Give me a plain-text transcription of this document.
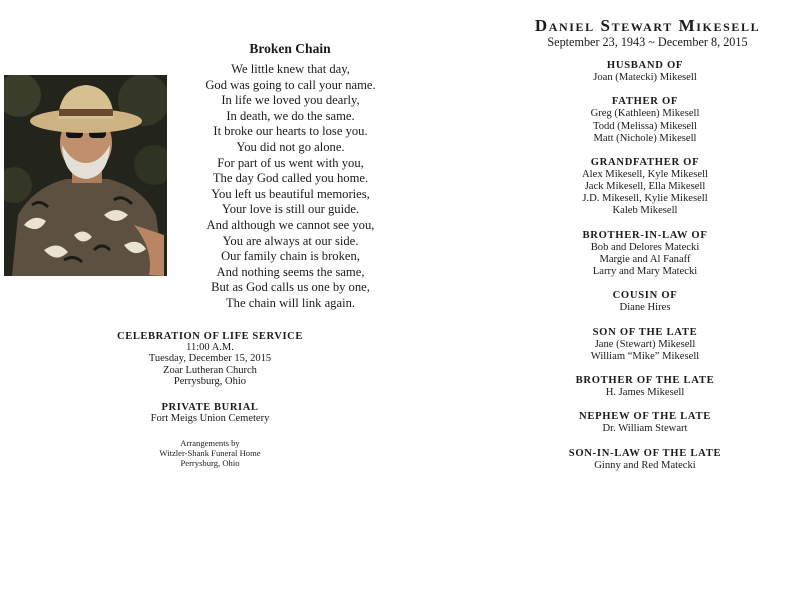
Broken Chain
We little knew that day,
God was going to call your name.
In life we loved you dearly,
In death, we do the same.
It broke our hearts to lose you.
You did not go alone.
For part of us went with you,
The day God called you home.
You left us beautiful memories,
Your love is still our guide.
And although we cannot see you,
You are always at our side.
Our family chain is broken,
And nothing seems the same,
But as God calls us one by one,
The chain will link again.
CELEBRATION OF LIFE SERVICE
11:00 A.M.
Tuesday, December 15, 2015
Zoar Lutheran Church
Perrysburg, Ohio
PRIVATE BURIAL
Fort Meigs Union Cemetery
Arrangements by
Witzler-Shank Funeral Home
Perrysburg, Ohio
Daniel Stewart Mikesell
September 23, 1943 ~ December 8, 2015
HUSBAND OF
Joan (Matecki) Mikesell
FATHER OF
Greg (Kathleen) Mikesell
Todd (Melissa) Mikesell
Matt (Nichole) Mikesell
GRANDFATHER OF
Alex Mikesell, Kyle Mikesell
Jack Mikesell, Ella Mikesell
J.D. Mikesell, Kylie Mikesell
Kaleb Mikesell
BROTHER-IN-LAW OF
Bob and Delores Matecki
Margie and Al Fanaff
Larry and Mary Matecki
COUSIN OF
Diane Hires
SON OF THE LATE
Jane (Stewart) Mikesell
William “Mike” Mikesell
BROTHER OF THE LATE
H. James Mikesell
NEPHEW OF THE LATE
Dr. William Stewart
SON-IN-LAW OF THE LATE
Ginny and Red Matecki
